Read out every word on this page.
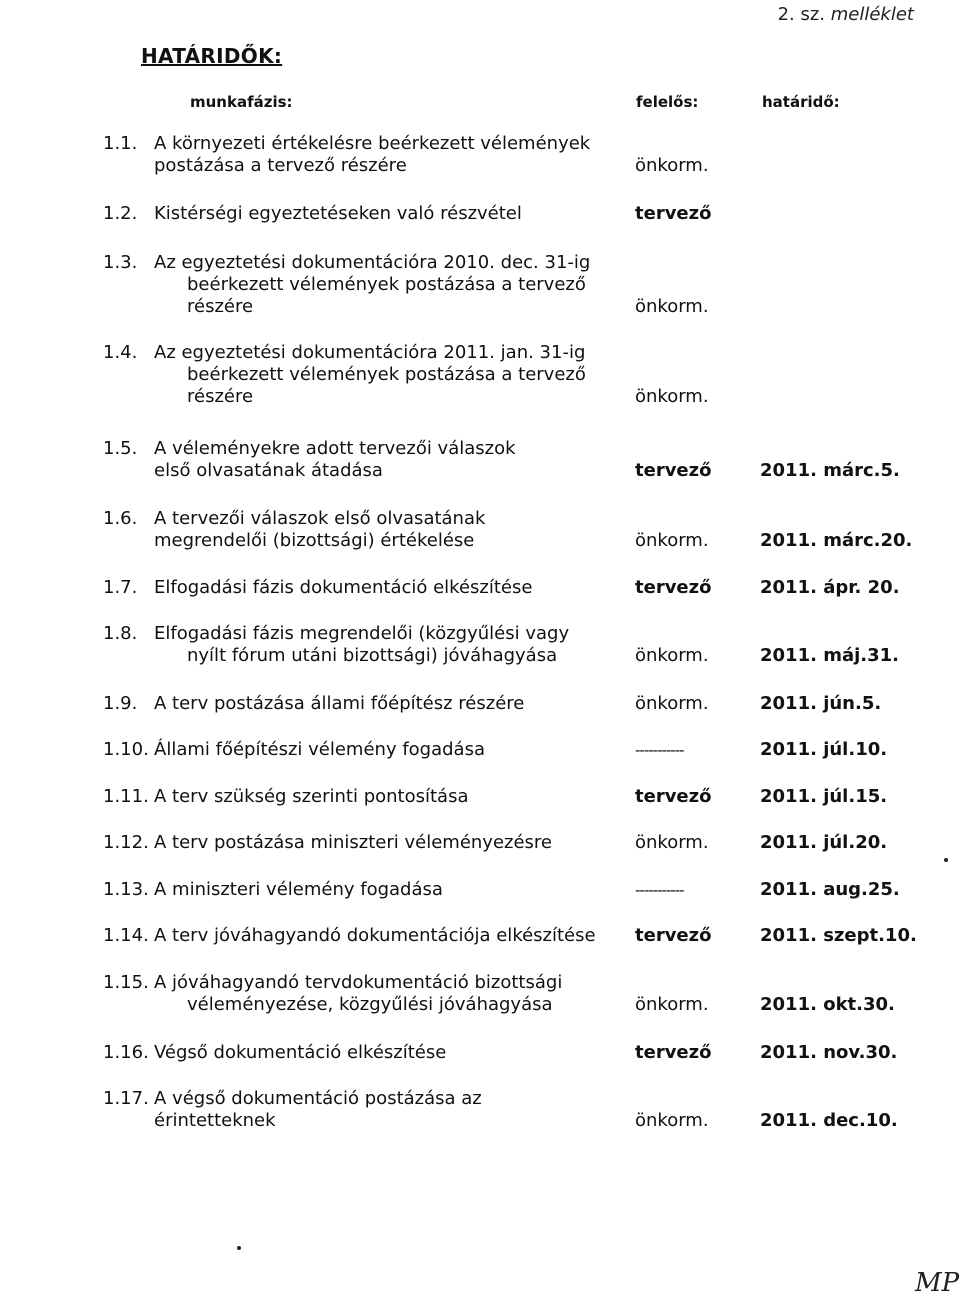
2. sz. melléklet
HATÁRIDŐK:
munkafázis:	felelős:	határidő:
1.1. A környezeti értékelésre beérkezett vélemények
postázása a tervező részére	önkorm.
1.2. Kistérségi egyeztetéseken való részvétel	tervező
1.3. Az egyeztetési dokumentációra 2010. dec. 31-ig
beérkezett vélemények postázása a tervező
részére	önkorm.
1.4. Az egyeztetési dokumentációra 2011. jan. 31-ig
beérkezett vélemények postázása a tervező
részére	önkorm.
1.5. A véleményekre adott tervezői válaszok
első olvasatának átadása	tervező	2011. márc.5.
1.6. A tervezői válaszok első olvasatának
megrendelői (bizottsági) értékelése	önkorm.	2011. márc.20.
1.7. Elfogadási fázis dokumentáció elkészítése	tervező	2011. ápr. 20.
1.8. Elfogadási fázis megrendelői (közgyűlési vagy
nyílt fórum utáni bizottsági) jóváhagyása	önkorm.	2011. máj.31.
1.9. A terv postázása állami főépítész részére	önkorm.	2011. jún.5.
1.10. Állami főépítészi vélemény fogadása	-----------	2011. júl.10.
1.11. A terv szükség szerinti pontosítása	tervező	2011. júl.15.
1.12. A terv postázása miniszteri véleményezésre	önkorm.	2011. júl.20.
1.13. A miniszteri vélemény fogadása	-----------	2011. aug.25.
1.14. A terv jóváhagyandó dokumentációja elkészítése	tervező	2011. szept.10.
1.15. A jóváhagyandó tervdokumentáció bizottsági
véleményezése, közgyűlési jóváhagyása	önkorm.	2011. okt.30.
1.16. Végső dokumentáció elkészítése	tervező	2011. nov.30.
1.17. A végső dokumentáció postázása az
érintetteknek	önkorm.	2011. dec.10.
MP
